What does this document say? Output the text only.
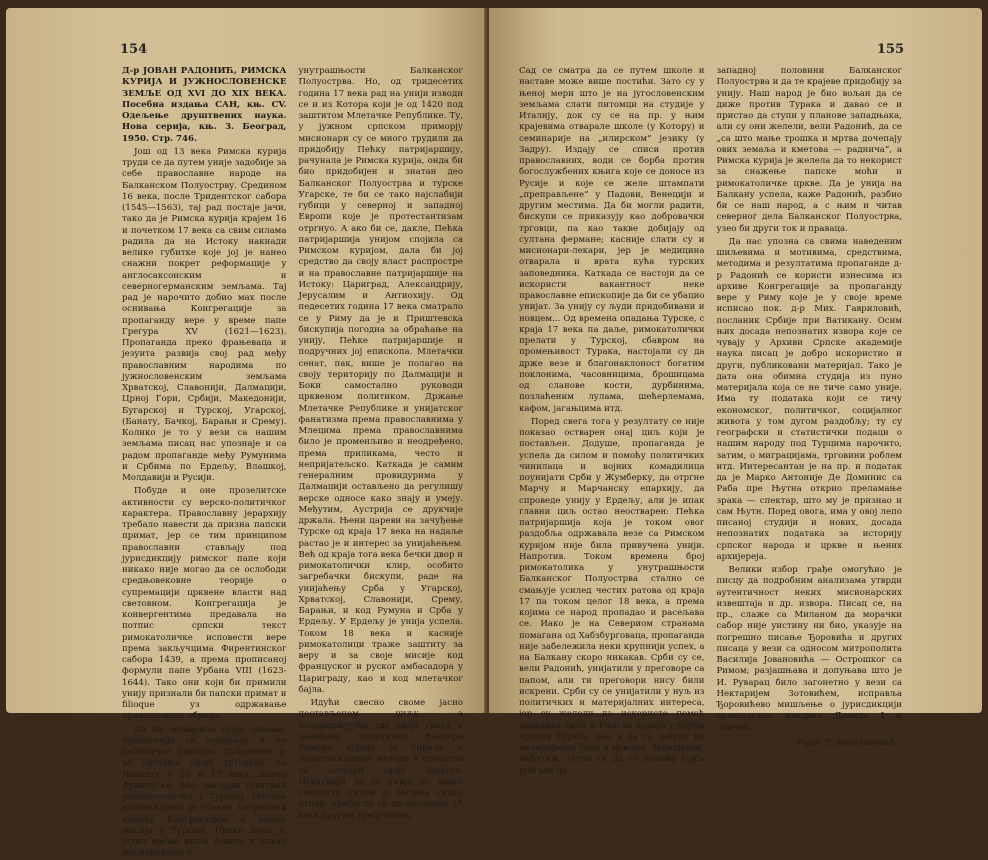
154

Д-р ЈОВАН РАДОНИЋ, РИМСКА КУРИЈА И ЈУЖНОСЛОВЕНСКЕ ЗЕМЉЕ ОД XVI ДО XIX ВЕКА. Посебна издања САН, књ. CV. Одељење друштвених наука. Нова серија, књ. 3. Београд, 1950. Стр. 746.

Још од 13 века Римска курија труди се да путем уније задобије за себе православне народе на Балканском Полуострву. Средином 16 века, после Тридентског сабора (1545—1563), тај рад постаје јачи, тако да је Римска курија крајем 16 и почетком 17 века са свим силама радила да на Истоку накнади велике губитке које јој је нанео снажни покрет реформације у англосаксонским и северногерманским земљама. Тај рад је нарочито добио мах после оснивања Конгрегације за пропаганду вере у време папе Грегура XV (1621—1623). Пропаганда преко фрањеваца и језуита развија свој рад међу православним народима по јужнословенским земљама Хрватској, Славонији, Далмацији, Црној Гори, Србији, Македонији, Бугарској и Турској, Угарској, (Банату, Бачкој, Барањи и Срему). Колико је то у вези са нашим земљама писац нас упознаје и са радом пропаганде међу Румунима и Србима по Ердељу, Влашкој, Молдавији и Русији.

Побуде и оне прозелитске активности су верско-политичког карактера. Православну јерархију требало навести да призна папски примат, јер се тим принципом православни стављају под јурисдикцију римског папе који никако није могао да се ослободи средњовековне теорије о супремацији црквене власти над световном. Конгрегација је конвергентима предавала на потпис српски текст римокатоличке исповести вере према закључцима Фирентинског сабора 1439, а према прописаној формули папе Урбана VIII (1623-1644). Тако они који би примили унију признали би папски примат и filioque уз одржавање православних обреда.

Да би остварила своје циљеве, пропаганда се ослањала и на политичке факторе. Дубровник је за цветања своје трговине на Леванту у 16 и 17 веку, поред Француске, био значајан штитник римокатоличка у Турској. Његова надбискупија је главни посредник између Конгрегације и њених мисија у Турској. Преко њега је једно време ишла пошта и новац мисионарима у

унутрашњости Балканског Полуострва. Но, од тридесетих година 17 века рад на унији изводи се и из Котора који је од 1420 под заштитом Млетачке Републике. Ту, у јужном српском приморју мисионари су се много трудили да придобију Пећку патријаршију, рачунала је Римска курија, онда би био придобијен и знатан део Балканског Полуострва и турске Угарске, те би се тако најслабији губици у северној и западној Европи које је протестантизам отргнуо. А ако би се, дакле, Пећка патријаршија унијом спојила са Римском куријом, дала би јој средство да своју власт распростре и на православне патријаршије на Истоку: Цариград, Александрију, Јерусалим и Антиохију. Од педесетих година 17 века сматрало се у Риму да је и Приштевска бискупија погодна за обраћање на унију, Пећке патријаршије и подручних јој епископа. Млетачки сенат, пак, више је полагао на своју територију по Далмацији и Боки самостално руководи црквеном политиком. Држање Млетачке Републике и унијатског фанатизма према православнима у Млецима према православнима било је променљиво и неодређено, према приликама, често и непријатељско. Каткада је самим генералним провидурима у Далмацији остављено да регулишу верске односе како знају и умеју. Међутим, Аустрија се друкчије држала. Њени цареви на зачуђење Турске од краја 17 века на надаље растао је и интерес за унијаћењем. Већ од краја тога века бечки двор и римокатолички клир, особито загребачки бискупи, раде на унијаћењу Срба у Угарској, Хрватској, Славонији, Срему, Барањи, и код Румуна и Срба у Ердељу. У Ердељу је унија успела. Током 18 века и касније римокатолици траже заштиту за веру и за своје мисије код француског и руског амбасадора у Цариграду, као и код млетачког бајла.

Идући свесно своме јасно постављеном циљу, а искоришћујући све своје снаге и наведене политичке факторе Римска курија је бирала и најцелисходније методе и средства да оствари своје задатке. Искуснији да се унија не може сместити силом је мазива сидан отпор, прибегло се од половине 17 века другим средствима.

155

Сад се сматра да се путем школе и наставе може више постићи. Зато су у њеној мери што је на југословенским земљама слати питомци на студије у Италију, док су се на пр. у њим крајевима отварале школе (у Котору) и семинарије на „илирском“ језику (у Задру). Издају се списи против православних, води се борба против богослужбених књига које се доносе из Русије и које се желе штампати „преправљене“ у Падови, Венецији и другим местима. Да би могли радити, бискупи се приказују као добровачки трговци, па као такве добијају од султана фермане; касније слати су и мисионари-лекари, јер је медицина отварала и врата кућа турских заповедника. Каткада се настоји да се искористи вакантност неке православне епископије да би се убацио унијат. За унију су људи придобивани и новцем... Од времена опадања Турске, с краја 17 века па даље, римокатолички прелати у Турској, сбавром на промењивост Турака, настојали су да држе везе и благонаклоност богатим поклонима, часовницима, брошицама од сланове кости, дурбинима, позлаћеним лулама, шећерлемама, кафом, јагањцима итд.

Поред свега тога у резултату се није показао остварен онај циљ који је постављен. Додуше, пропаганда је успела да силом и помоћу политичких чинилаца и војних комадилица поунијати Срби у Жумберку, да отргне Марчу и Марчанску епархију, да спроведе унију у Ердељу, али је ипак главни циљ остао неостварен: Пећка патријаршија која је током овог раздобља одржавала везе са Римском куријом није била привучена унији. Напротив. Током времена број римокатолика у унутрашњости Балканског Полуострва стално се смањује усилед честих ратова од краја 17 па током целог 18 века, а према којима се народ пропадао и расељава се. Иако је на Севериом странама помагана од Хабзбурговаца, пропаганда није забележила неки крупнији успех, а на Балкану скоро никакав. Срби су се, вели Радонић, унијатили у преговоре са папом, али ти преговори нису били искрени. Срби су се унијатили у нуљ из политичких и материјалних интереса, јер су желели да искористе помоћ западних сила и Римске курије у борби против Турака, као и да се закупу из материјалне беде и невоље. Западњаци, међутим, хтели су да се помоћу Срба угнгаве на

западној половини Балканског Полуострва и да те крајеве придобију за унију. Наш народ је био вољан да се диже против Турака и давао се и пристао да ступи у планове западњака, али су они желели, вели Радонић, да се „са што мање трошка и мртва дочепају ових земаља и кметова — раднича“, а Римска курија је желела да то некорист за снажење папске моћи и римокатоличке цркве. Да је унија на Балкану успела, каже Радонић, разбио би се наш народ, а с њим и читав северног дела Балканског Полуострва, узео би други ток и праваца.

Да нас упозна са свима наведеним шиљевима и мотивима, средствима, методима и резултатима пропаганде д-р Радонић се користи изнесима из архиве Конгрегације за пропаганду вере у Риму које је у своје време исписао пок. д-р Мих. Гавриловић, посланик Србије при Ватикану. Осим њих досада непознатих извора које се чувају у Архиви Српске академије наука писац је добро искористио и други, публиковани материјал. Тако је дата она обимна студија из пуно материјала која се не тиче само уније. Има ту података који се тичу економског, политичког, социјалног живота у том дугом раздобљу; ту су географски и статистички подаци о нашим народу под Турцима нарочито, затим, о миграцијама, трговини роблем итд. Интересантан је на пр. и податак да је Марко Антоније Де Доминис са Раба пре Њутна открио преламање зрака — спектар, што му је признао и сам Њутн. Поред овога, има у овој лепо писаној студији и нових, досада непознатих података за историју српског народа и цркве и њених архијереја.

Велики избор грађе омогућио је писцу да подробним анализама утврди аутентичност неких мисионарских извештаја и др. извора. Писац се, на пр., слаже са Миланом да морачки сабор није уистину ни био, указује на погрешно писање Ђоровића и других писаца у вези са односом митрополита Василија Јовановића — Острошког са Римом; разјашњава и допуњава што је И. Руварац било загонетно у вези са Нектаријем Зотовићем, исправља Ђоровићево мишљење о јурисдикцији црногорског владике Данила I и слично.

Рајко Л. Веселиновић
